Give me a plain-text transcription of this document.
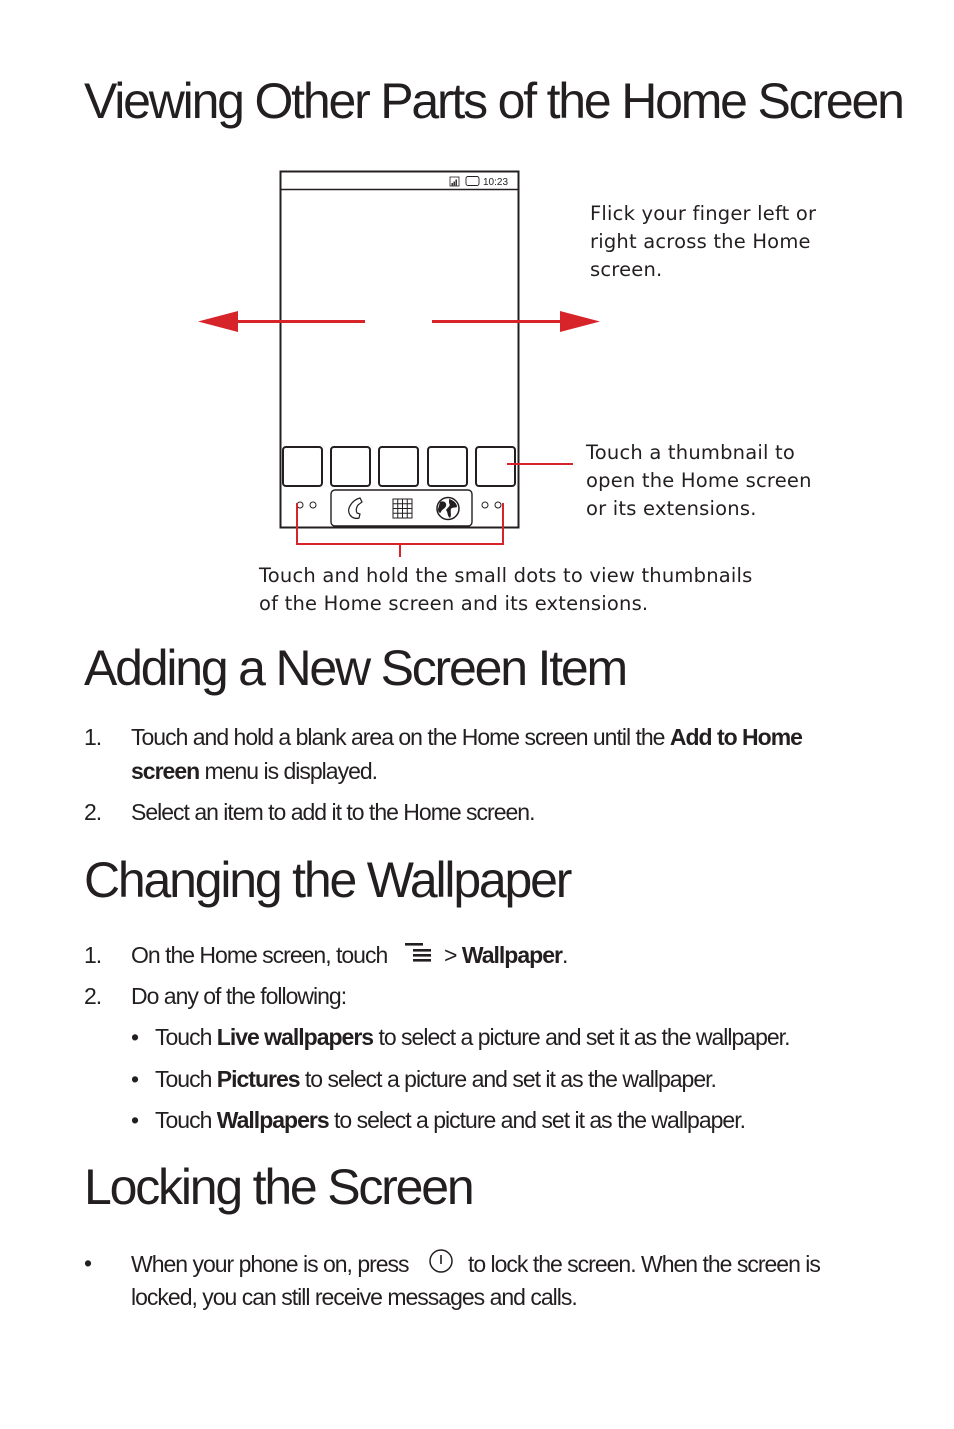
Viewing Other Parts of the Home Screen
10:23
Flick your finger left or
right across the Home
screen.
Touch a thumbnail to
open the Home screen
or its extensions.
Touch and hold the small dots to view thumbnails
of the Home screen and its extensions.
Adding a New Screen Item
1. Touch and hold a blank area on the Home screen until the Add to Home
screen menu is displayed.
2. Select an item to add it to the Home screen.
Changing the Wallpaper
1. On the Home screen, touch  > Wallpaper.
2. Do any of the following:
• Touch Live wallpapers to select a picture and set it as the wallpaper.
• Touch Pictures to select a picture and set it as the wallpaper.
• Touch Wallpapers to select a picture and set it as the wallpaper.
Locking the Screen
• When your phone is on, press	to lock the screen. When the screen is
locked, you can still receive messages and calls.
